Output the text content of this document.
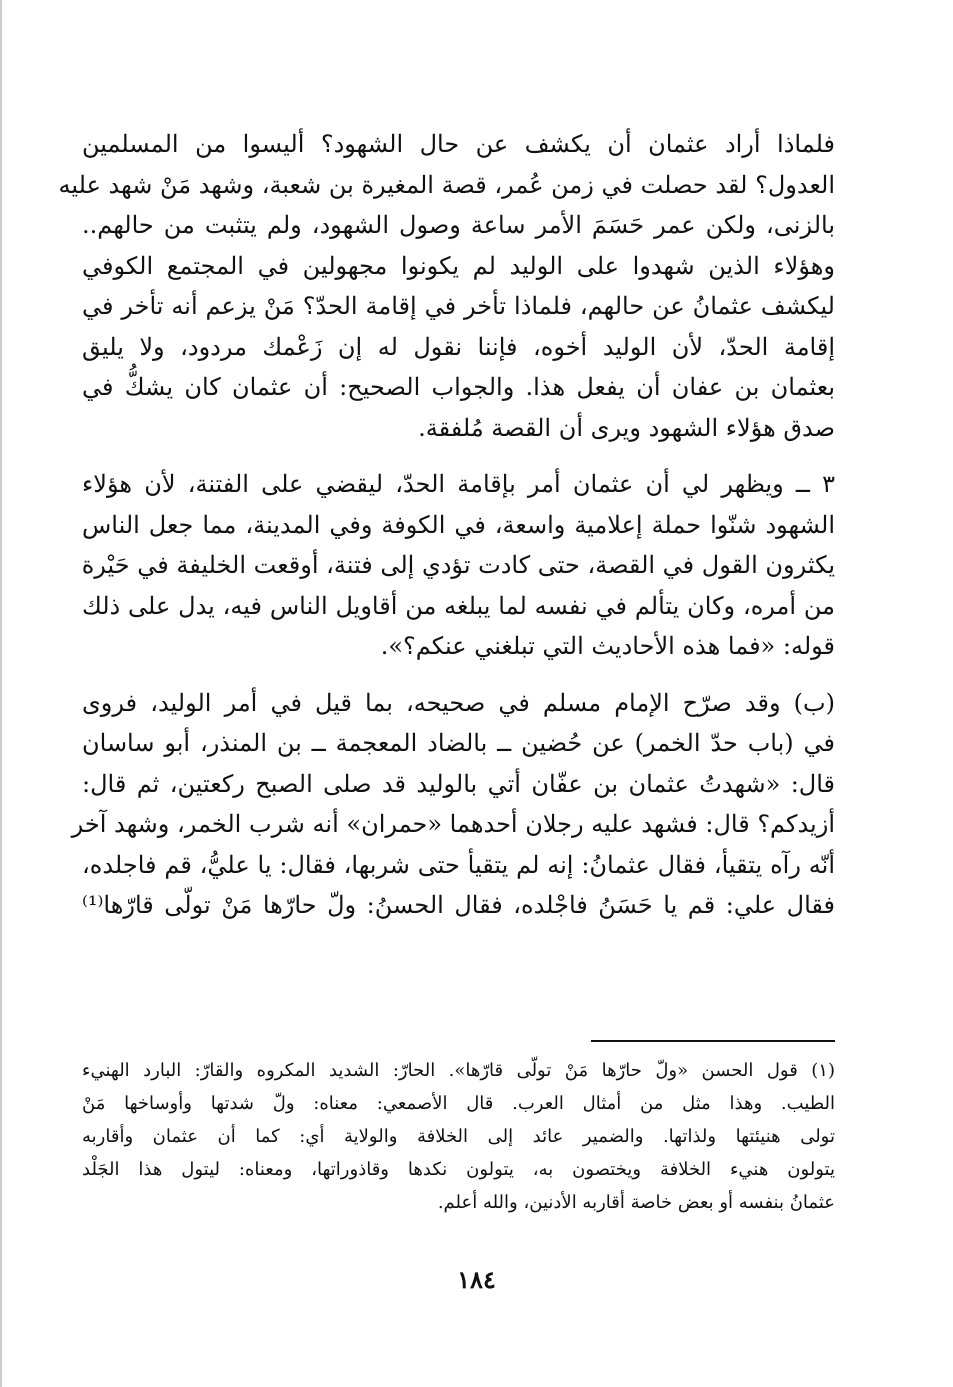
فلماذا أراد عثمان أن يكشف عن حال الشهود؟ أليسوا من المسلمين
العدول؟ لقد حصلت في زمن عُمر، قصة المغيرة بن شعبة، وشهد مَنْ شهد عليه
بالزنى، ولكن عمر حَسَمَ الأمر ساعة وصول الشهود، ولم يتثبت من حالهم..
وهؤلاء الذين شهدوا على الوليد لم يكونوا مجهولين في المجتمع الكوفي
ليكشف عثمانُ عن حالهم، فلماذا تأخر في إقامة الحدّ؟ مَنْ يزعم أنه تأخر في
إقامة الحدّ، لأن الوليد أخوه، فإننا نقول له إن زَعْمك مردود، ولا يليق
بعثمان بن عفان أن يفعل هذا. والجواب الصحيح: أن عثمان كان يشكُّ في
صدق هؤلاء الشهود ويرى أن القصة مُلفقة.

٣ ــ ويظهر لي أن عثمان أمر بإقامة الحدّ، ليقضي على الفتنة، لأن هؤلاء
الشهود شنّوا حملة إعلامية واسعة، في الكوفة وفي المدينة، مما جعل الناس
يكثرون القول في القصة، حتى كادت تؤدي إلى فتنة، أوقعت الخليفة في حَيْرة
من أمره، وكان يتألم في نفسه لما يبلغه من أقاويل الناس فيه، يدل على ذلك
قوله: «فما هذه الأحاديث التي تبلغني عنكم؟».

(ب) وقد صرّح الإمام مسلم في صحيحه، بما قيل في أمر الوليد، فروى
في (باب حدّ الخمر) عن حُضين ــ بالضاد المعجمة ــ بن المنذر، أبو ساسان
قال: «شهدتُ عثمان بن عفّان أتي بالوليد قد صلى الصبح ركعتين، ثم قال:
أزيدكم؟ قال: فشهد عليه رجلان أحدهما «حمران» أنه شرب الخمر، وشهد آخر
أنّه رآه يتقيأ، فقال عثمانُ: إنه لم يتقيأ حتى شربها، فقال: يا عليُّ، قم فاجلده،
فقال علي: قم يا حَسَنُ فاجْلده، فقال الحسنُ: ولّ حارّها مَنْ تولّى قارّها⁽¹⁾

(١) قول الحسن «ولّ حارّها مَنْ تولّى قارّها». الحارّ: الشديد المكروه والقارّ: البارد الهنيء
الطيب. وهذا مثل من أمثال العرب. قال الأصمعي: معناه: ولّ شدتها وأوساخها مَنْ
تولى هنيئتها ولذاتها. والضمير عائد إلى الخلافة والولاية أي: كما أن عثمان وأقاربه
يتولون هنيء الخلافة ويختصون به، يتولون نكدها وقاذوراتها، ومعناه: ليتول هذا الجَلْد
عثمانُ بنفسه أو بعض خاصة أقاربه الأدنين، والله أعلم.
١٨٤
